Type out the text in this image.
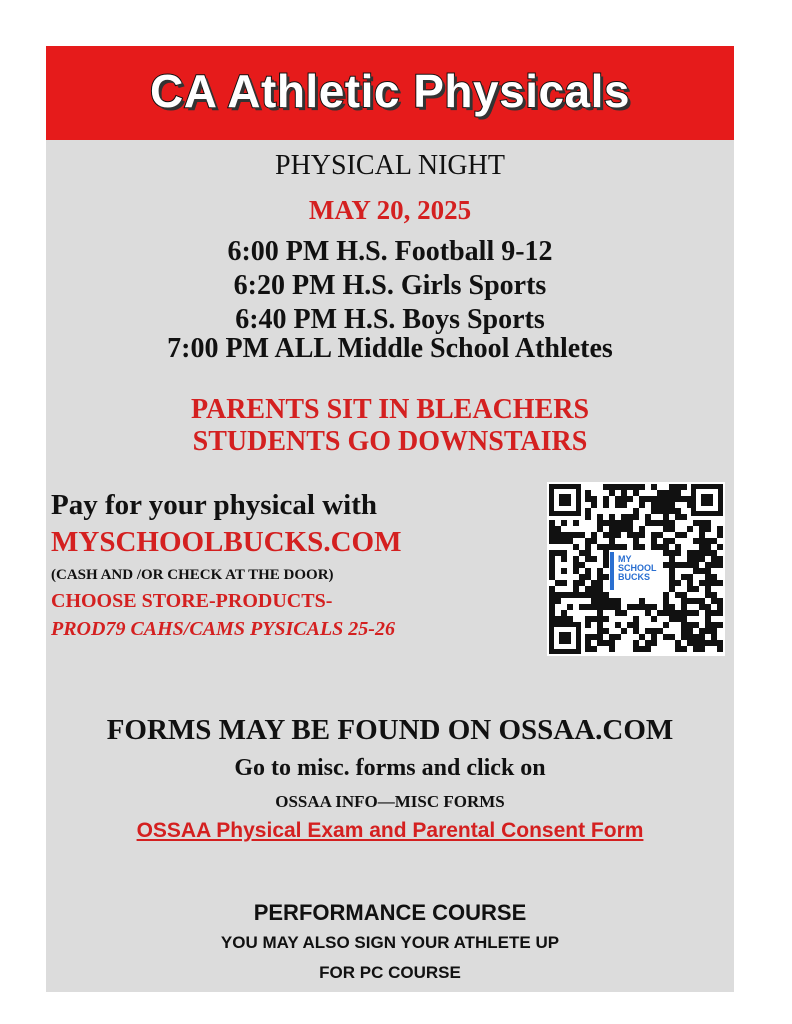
CA Athletic Physicals
PHYSICAL NIGHT
MAY 20, 2025
6:00 PM H.S. Football 9-12
6:20 PM H.S. Girls Sports
6:40 PM H.S. Boys Sports
7:00 PM ALL Middle School Athletes
PARENTS SIT IN BLEACHERS
STUDENTS GO DOWNSTAIRS
Pay for your physical with
MYSCHOOLBUCKS.COM
(CASH AND /OR CHECK AT THE DOOR)
CHOOSE STORE-PRODUCTS-
PROD79 CAHS/CAMS PYSICALS 25-26
MY
SCHOOL
BUCKS
FORMS MAY BE FOUND ON OSSAA.COM
Go to misc. forms and click on
OSSAA INFO—MISC FORMS
OSSAA Physical Exam and Parental Consent Form
PERFORMANCE COURSE
YOU MAY ALSO SIGN YOUR ATHLETE UP
FOR PC COURSE
